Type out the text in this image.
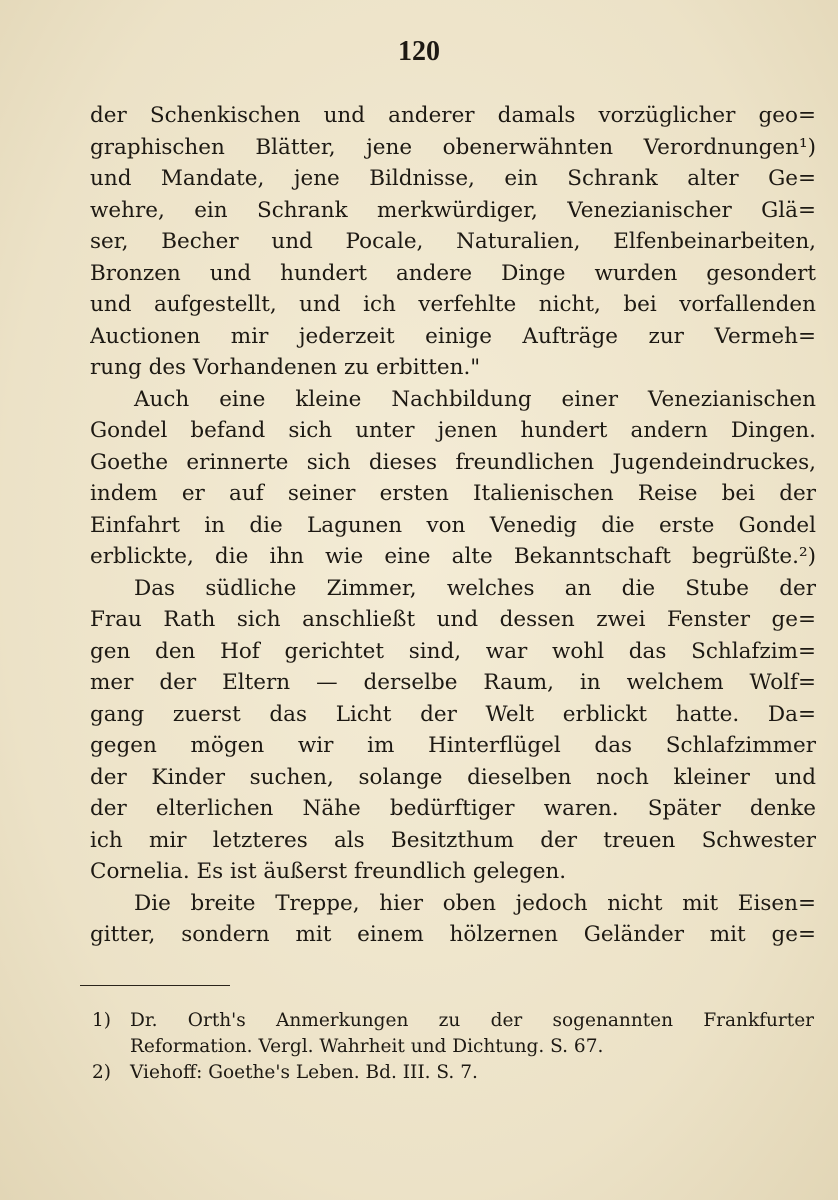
120
der Schenkischen und anderer damals vorzüglicher geo=
graphischen Blätter, jene obenerwähnten Verordnungen¹)
und Mandate, jene Bildnisse, ein Schrank alter Ge=
wehre, ein Schrank merkwürdiger, Venezianischer Glä=
ser, Becher und Pocale, Naturalien, Elfenbeinarbeiten,
Bronzen und hundert andere Dinge wurden gesondert
und aufgestellt, und ich verfehlte nicht, bei vorfallenden
Auctionen mir jederzeit einige Aufträge zur Vermeh=
rung des Vorhandenen zu erbitten."
Auch eine kleine Nachbildung einer Venezianischen
Gondel befand sich unter jenen hundert andern Dingen.
Goethe erinnerte sich dieses freundlichen Jugendeindruckes,
indem er auf seiner ersten Italienischen Reise bei der
Einfahrt in die Lagunen von Venedig die erste Gondel
erblickte, die ihn wie eine alte Bekanntschaft begrüßte.²)
Das südliche Zimmer, welches an die Stube der
Frau Rath sich anschließt und dessen zwei Fenster ge=
gen den Hof gerichtet sind, war wohl das Schlafzim=
mer der Eltern — derselbe Raum, in welchem Wolf=
gang zuerst das Licht der Welt erblickt hatte. Da=
gegen mögen wir im Hinterflügel das Schlafzimmer
der Kinder suchen, solange dieselben noch kleiner und
der elterlichen Nähe bedürftiger waren. Später denke
ich mir letzteres als Besitzthum der treuen Schwester
Cornelia. Es ist äußerst freundlich gelegen.
Die breite Treppe, hier oben jedoch nicht mit Eisen=
gitter, sondern mit einem hölzernen Geländer mit ge=
1) Dr. Orth's Anmerkungen zu der sogenannten Frankfurter
Reformation. Vergl. Wahrheit und Dichtung. S. 67.
2) Viehoff: Goethe's Leben. Bd. III. S. 7.
